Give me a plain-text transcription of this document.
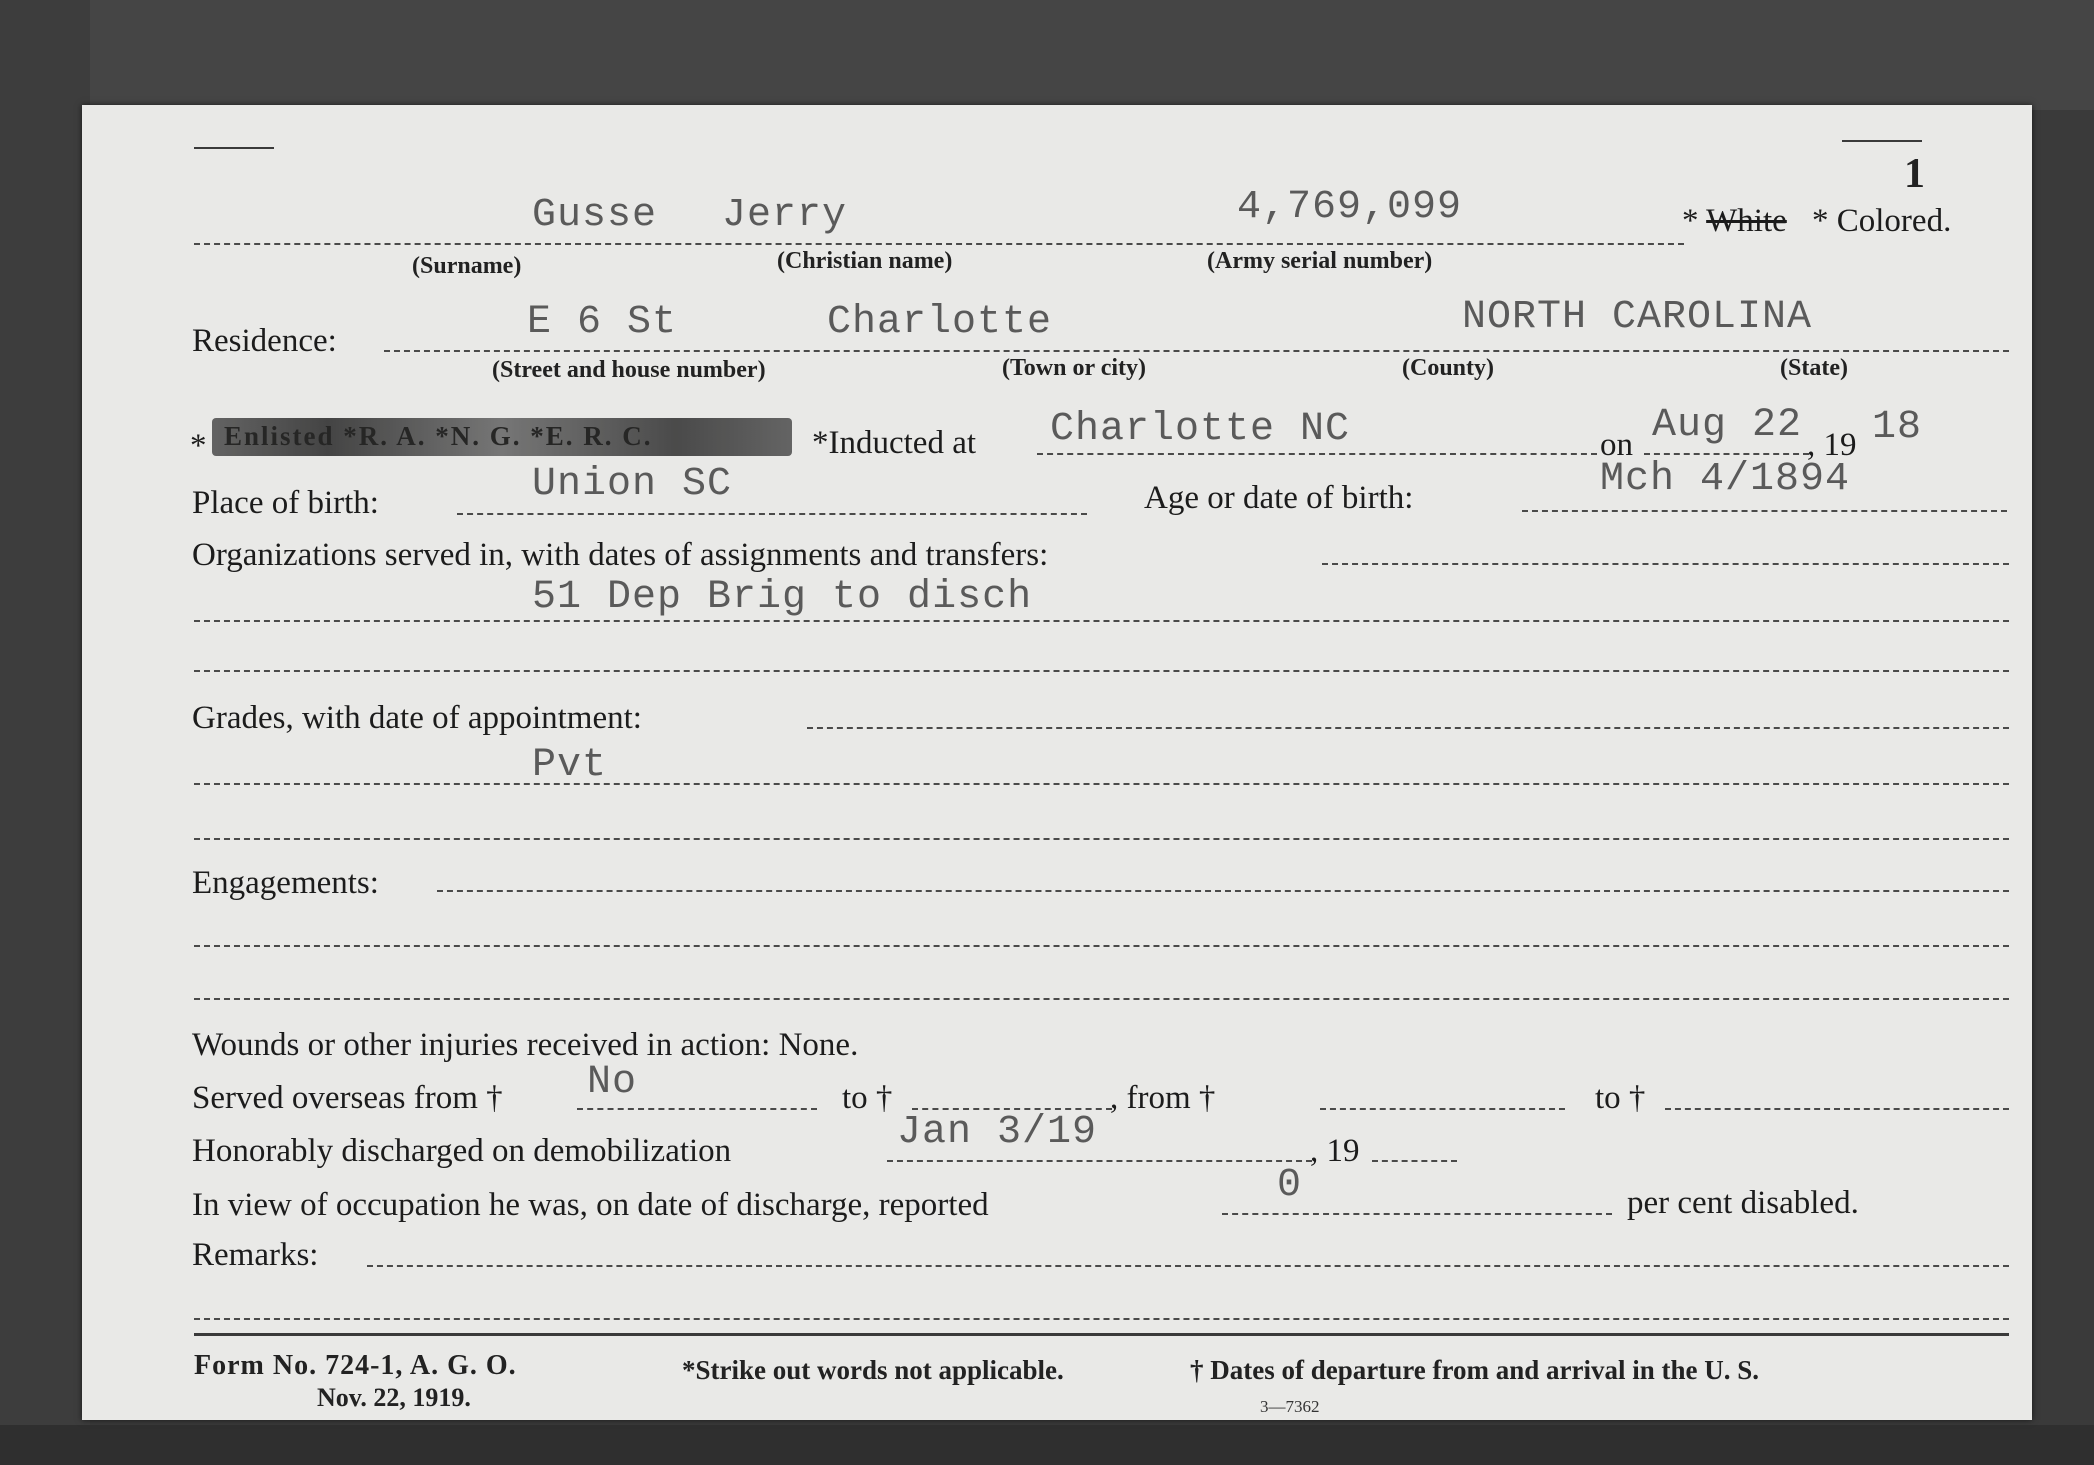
1
Gusse Jerry	4,769,099	* White * Colored.
(Surname)	(Christian name)	(Army serial number)
Residence:	E 6 St	Charlotte	NORTH CAROLINA
(Street and house number)	(Town or city)	(County)	(State)
* Enlisted *R. A. *N. G. *E. R. C.	*Inducted at Charlotte NC	on Aug 22 , 19 18
Place of birth:	Union SC	Age or date of birth:	Mch 4/1894
Organizations served in, with dates of assignments and transfers:
51 Dep Brig to disch
Grades, with date of appointment:
Pvt
Engagements:
Wounds or other injuries received in action: None.
Served overseas from † No	to †	, from †	to †
Honorably discharged on demobilization	Jan 3/19	, 19
In view of occupation he was, on date of discharge, reported	0	per cent disabled.
Remarks:
Form No. 724-1, A. G. O.
Nov. 22, 1919.
*Strike out words not applicable.	† Dates of departure from and arrival in the U. S.
3—7362
